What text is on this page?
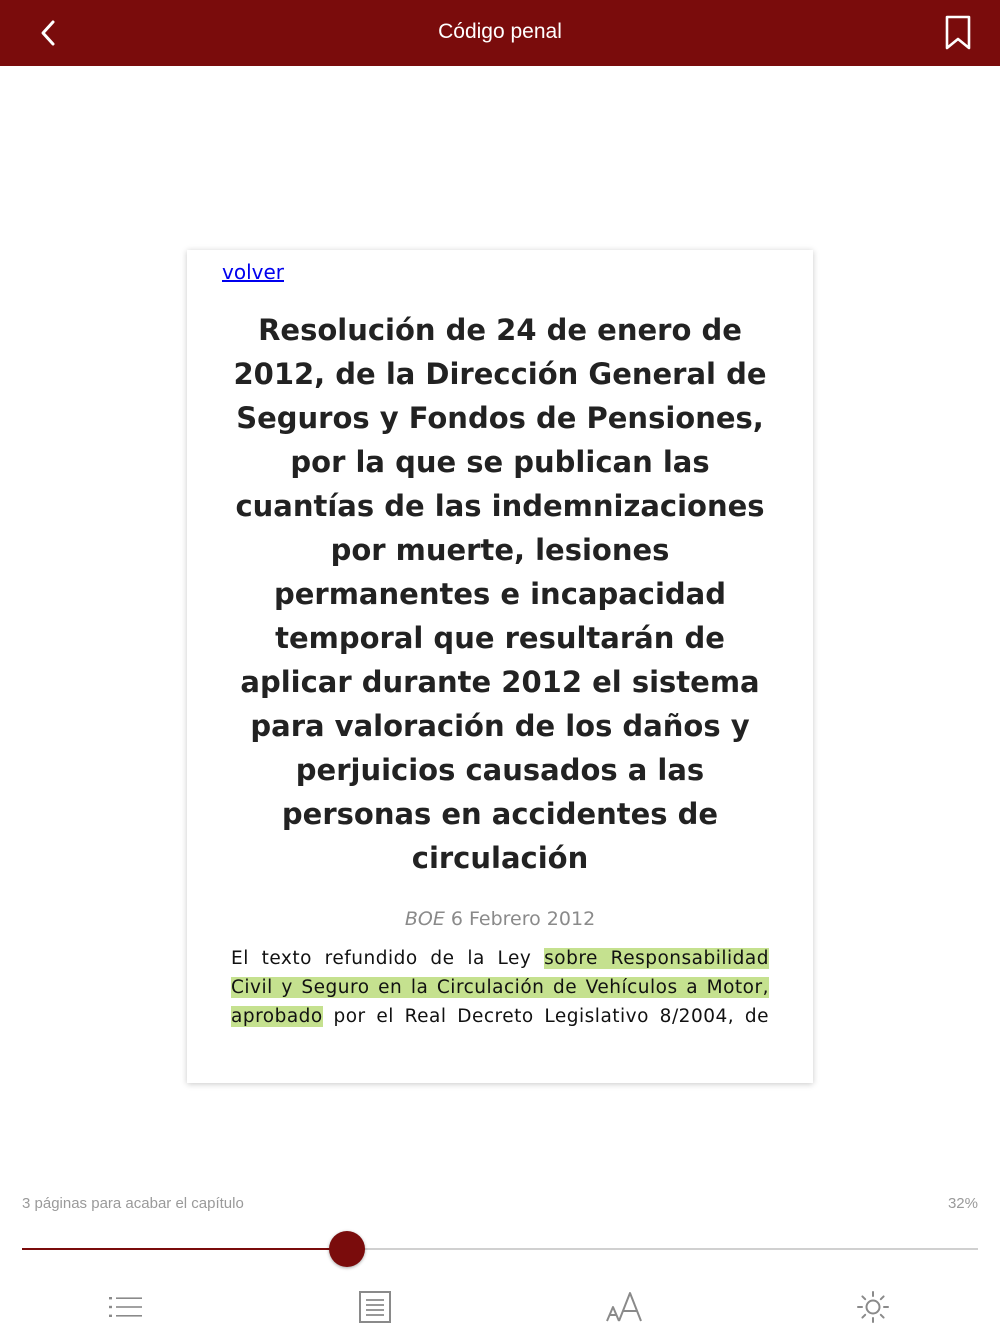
Código penal
volver
Resolución de 24 de enero de 2012, de la Dirección General de Seguros y Fondos de Pensiones, por la que se publican las cuantías de las indemnizaciones por muerte, lesiones permanentes e incapacidad temporal que resultarán de aplicar durante 2012 el sistema para valoración de los daños y perjuicios causados a las personas en accidentes de circulación
BOE 6 Febrero 2012

El texto refundido de la Ley sobre Responsabilidad Civil y Seguro en la Circulación de Vehículos a Motor, aprobado por el Real Decreto Legislativo 8/2004, de

3 páginas para acabar el capítulo	32%
